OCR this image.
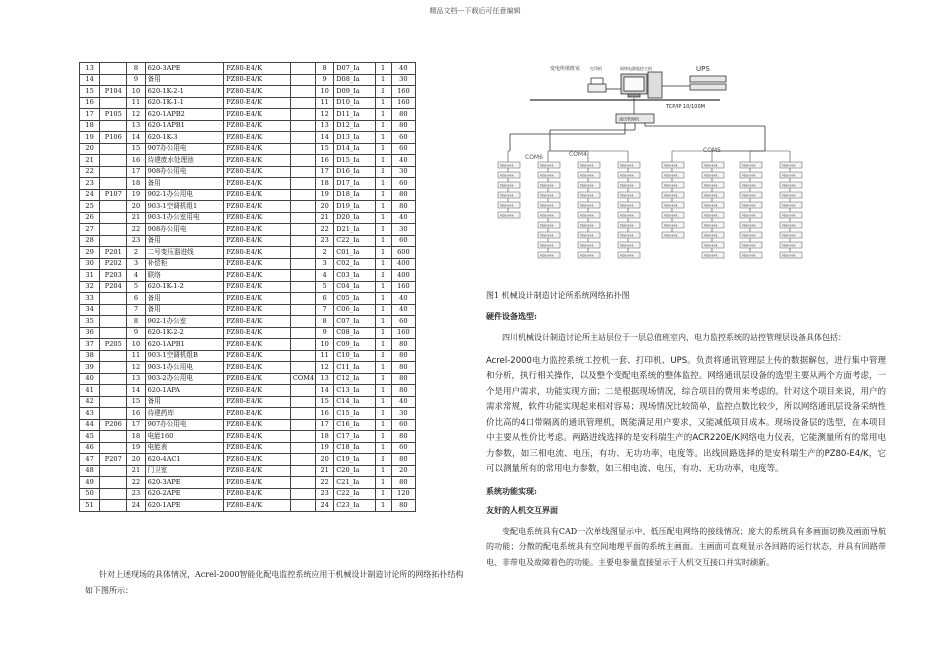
精品文档---下载后可任意编辑
13		8	620-3APE	PZ80-E4/K		8	D07_Ia	1	40
14		9	备用	PZ80-E4/K		9	D08_Ia	1	30
15	P104	10	620-1K-2-1	PZ80-E4/K		10	D09_Ia	1	160
16		11	620-1K-1-1	PZ80-E4/K		11	D10_Ia	1	160
17	P105	12	620-1APB2	PZ80-E4/K		12	D11_Ia	1	80
18		13	620-1APB1	PZ80-E4/K		13	D12_Ia	1	80
19	P106	14	620-1K-3	PZ80-E4/K		14	D13_Ia	1	60
20		15	907办公用电	PZ80-E4/K		15	D14_Ia	1	60
21		16	待建废水处理池	PZ80-E4/K		16	D15_Ia	1	40
22		17	908办公用电	PZ80-E4/K		17	D16_Ia	1	30
23		18	备用	PZ80-E4/K		18	D17_Ia	1	60
24	P107	19	902-1办公用电	PZ80-E4/K		19	D18_Ia	1	80
25		20	903-1空调机组1	PZ80-E4/K		20	D19_Ia	1	80
26		21	903-1办公室用电	PZ80-E4/K		21	D20_Ia	1	40
27		22	908办公用电	PZ80-E4/K		22	D21_Ia	1	30
28		23	备用	PZ80-E4/K		23	C22_Ia	1	60
29	P201	2	二号变压器进线	PZ80-E4/K		2	C01_Ia	1	600
30	P202	3	补偿柜	PZ80-E4/K		3	C02_Ia	1	400
31	P203	4	联络	PZ80-E4/K		4	C03_Ia	1	400
32	P204	5	620-1K-1-2	PZ80-E4/K		5	C04_Ia	1	160
33		6	备用	PZ80-E4/K		6	C05_Ia	1	40
34		7	备用	PZ80-E4/K		7	C06_Ia	1	40
35		8	902-1办公室	PZ80-E4/K		8	C07_Ia	1	60
36		9	620-1K-2-2	PZ80-E4/K		9	C08_Ia	1	160
37	P205	10	620-1APB1	PZ80-E4/K		10	C09_Ia	1	80
38		11	903-1空调机组B	PZ80-E4/K		11	C10_Ia	1	80
39		12	903-1办公用电	PZ80-E4/K		12	C11_Ia	1	80
40		13	903-2办公用电	PZ80-E4/K	COM4	13	C12_Ia	1	80
41		14	620-1APA	PZ80-E4/K		14	C13_Ia	1	80
42		15	备用	PZ80-E4/K		15	C14_Ia	1	40
43		16	待建药库	PZ80-E4/K		16	C15_Ia	1	30
44	P206	17	907办公用电	PZ80-E4/K		17	C16_Ia	1	60
45		18	电能160	PZ80-E4/K		18	C17_Ia	1	80
46		19	电能表	PZ80-E4/K		19	C18_Ia	1	60
47	P207	20	620-4AC1	PZ80-E4/K		20	C19_Ia	1	80
48		21	门卫室	PZ80-E4/K		21	C20_Ia	1	20
49		22	620-3APE	PZ80-E4/K		22	C21_Ia	1	80
50		23	620-2APE	PZ80-E4/K		23	C22_Ia	1	120
51		24	620-1APE	PZ80-E4/K		24	C23_Ia	1	80
针对上述现场的具体情况，Acrel-2000智能化配电监控系统应用于机械设计制造讨论所的网络拓扑结构如下图所示：
变电所值班室 打印机	网络电源监控主机	UPS
TCP/IP 10/100M
通讯管理机
COM6	COM4
COM5
PZ80-E4/K
PZ80-E4/K
PZ80-E4/K
PZ80-E4/K
PZ80-E4/K
PZ80-E4/K
PZ80-E4/K
PZ80-E4/K
PZ80-E4/K
PZ80-E4/K
PZ80-E4/K
PZ80-E4/K
PZ80-E4/K
PZ80-E4/K
PZ80-E4/K
PZ80-E4/K
PZ80-E4/K
PZ80-E4/K
PZ80-E4/K
PZ80-E4/K
PZ80-E4/K
PZ80-E4/K
PZ80-E4/K
PZ80-E4/K
PZ80-E4/K
PZ80-E4/K
PZ80-E4/K
PZ80-E4/K
PZ80-E4/K
PZ80-E4/K
PZ80-E4/K
PZ80-E4/K
PZ80-E4/K
PZ80-E4/K
PZ80-E4/K
PZ80-E4/K
PZ80-E4/K
PZ80-E4/K
PZ80-E4/K
PZ80-E4/K
PZ80-E4/K
PZ80-E4/K
PZ80-E4/K
PZ80-E4/K
PZ80-E4/K
PZ80-E4/K
PZ80-E4/K
PZ80-E4/K
PZ80-E4/K
PZ80-E4/K
PZ80-E4/K
PZ80-E4/K
PZ80-E4/K
PZ80-E4/K
PZ80-E4/K
PZ80-E4/K
PZ80-E4/K
PZ80-E4/K
PZ80-E4/K
PZ80-E4/K
PZ80-E4/K
PZ80-E4/K
PZ80-E4/K
PZ80-E4/K
PZ80-E4/K
PZ80-E4/K
PZ80-E4/K
PZ80-E4/K
PZ80-E4/K
PZ80-E4/K
PZ80-E4/K
PZ80-E4/K
PZ80-E4/K
PZ80-E4/K
图1 机械设计制造讨论所系统网络拓扑图
硬件设备选型:

四川机械设计制造讨论所主站层位于一层总值班室内，电力监控系统的站控管理层设备具体包括：

Acrel-2000电力监控系统工控机一套、打印机、UPS。负责将通讯管理层上传的数据解包，进行集中管理和分析，执行相关操作，以及整个变配电系统的整体监控。网络通讯层设备的选型主要从两个方面考虑，一个是用户需求，功能实现方面；二是根据现场情况，综合项目的费用来考虑的。针对这个项目来说，用户的需求常规，软件功能实现起来相对容易；现场情况比较简单，监控点数比较少，所以网络通讯层设备采纳性价比高的4口带隔离的通讯管理机，既能满足用户要求，又能减低项目成本。现场设备层的选型，在本项目中主要从性价比考虑。两路进线选择的是安科瑞生产的ACR220E/K网络电力仪表，它能测量所有的常用电力参数，如三相电流、电压，有功、无功功率，电度等。出线回路选择的是安科瑞生产的PZ80-E4/K，它可以测量所有的常用电力参数，如三相电流、电压，有功、无功功率，电度等。

系统功能实现:
友好的人机交互界面

变配电系统具有CAD一次单线图显示中、低压配电网络的接线情况；庞大的系统具有多画面切换及画面导航的功能；分散的配电系统具有空间地理平面的系统主画面。主画面可直观显示各回路的运行状态，并具有回路带电、非带电及故障着色的功能。主要电参量直接显示于人机交互接口并实时刷新。
